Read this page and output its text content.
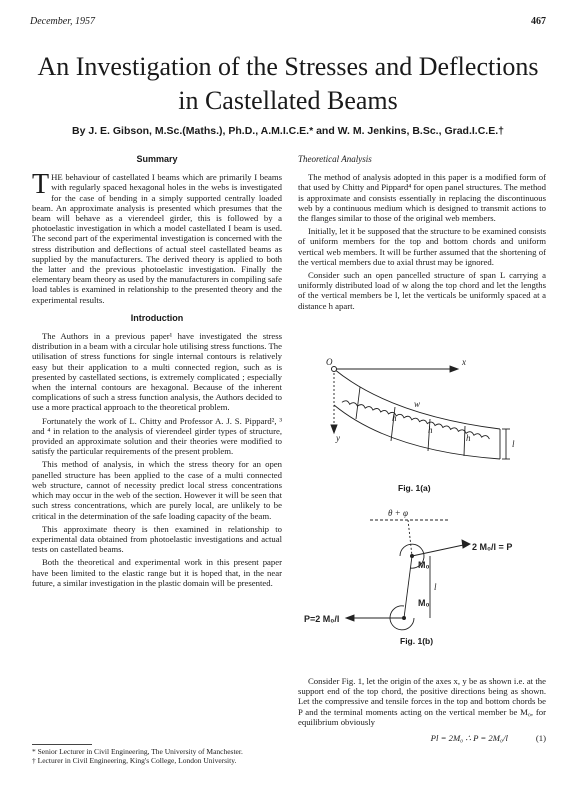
December, 1957	467
An Investigation of the Stresses and Deflections
in Castellated Beams
By J. E. Gibson, M.Sc.(Maths.), Ph.D., A.M.I.C.E.* and W. M. Jenkins, B.Sc., Grad.I.C.E.†
Summary

THE behaviour of castellated I beams which are primarily I beams with regularly spaced hexagonal holes in the webs is investigated for the case of bending in a simply supported centrally loaded beam. An approximate analysis is presented which presumes that the beam will behave as a vierendeel girder, this is followed by a photoelastic investigation in which a model castellated I beam is used. The second part of the experimental investigation is concerned with the stress distribution and deflections of actual steel castellated beams as supplied by the manufacturers. The derived theory is applied to both the latter and the previous photoelastic investigation. Finally the elementary beam theory as used by the manufacturers in compiling safe load tables is examined in relationship to the presented theory and the experimental results.

Introduction

The Authors in a previous paper¹ have investigated the stress distribution in a beam with a circular hole utilising stress functions. The utilisation of stress functions for single internal contours is relatively easy but their application to a multi connected region, such as is presented by castellated sections, is extremely complicated ; especially when the internal contours are hexagonal. Because of the inherent complications of such a stress function analysis, the Authors decided to use a more practical approach to the theoretical problem.

Fortunately the work of L. Chitty and Professor A. J. S. Pippard², ³ and ⁴ in relation to the analysis of vierendeel girder types of structure, provided an approximate solution and their theories were modified to satisfy the particular requirements of the present problem.

This method of analysis, in which the stress theory for an open panelled structure has been applied to the case of a multi connected web structure, cannot of necessity predict local stress concentrations which may occur in the web of the section. However it will be seen that such stress concentrations, which are purely local, are unlikely to be critical in the determination of the safe loading capacity of the beam.

This approximate theory is then examined in relationship to experimental data obtained from photoelastic investigations and actual tests on castellated beams.

Both the theoretical and experimental work in this present paper have been limited to the elastic range but it is hoped that, in the near future, a similar investigation in the plastic domain will be presented.

* Senior Lecturer in Civil Engineering, The University of Manchester.
† Lecturer in Civil Engineering, King's College, London University.
Theoretical Analysis

The method of analysis adopted in this paper is a modified form of that used by Chitty and Pippard⁴ for open panel structures. The method is approximate and consists essentially in replacing the discontinuous web by a continuous medium which is designed to transmit actions to the flanges similar to those of the original web members.

Initially, let it be supposed that the structure to be examined consists of uniform members for the top and bottom chords and uniform vertical web members. It will be further assumed that the shortening of the vertical members due to axial thrust may be ignored.

Consider such an open pancelled structure of span L carrying a uniformly distributed load of w along the top chord and let the lengths of the vertical members be l, let the verticals be uniformly spaced at a distance h apart.

O	x
y
w
h
h
h
l
Fig. 1(a)
θ + φ
2 M₀/l = P
M₀
M₀
l
P=2 M₀/l
Fig. 1(b)

Consider Fig. 1, let the origin of the axes x, y be as shown i.e. at the support end of the top chord, the positive directions being as shown. Let the compressive and tensile forces in the top and bottom chords be P and the terminal moments acting on the vertical member be M₀, for equilibrium obviously

Pl = 2M₀ ∴ P = 2M₀/l	(1)
